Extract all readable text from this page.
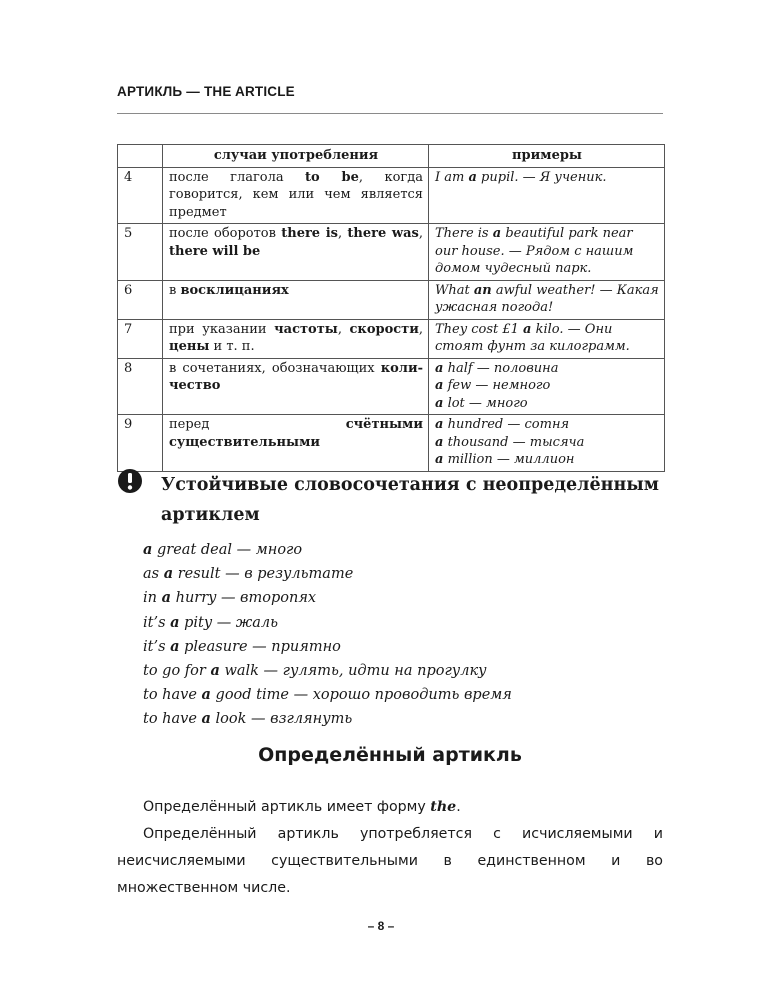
АРТИКЛЬ — THE ARTICLE
	случаи употребления	примеры
4	после глагола to be, когда говорится, кем или чем является предмет	I am a pupil. — Я ученик.

5	после оборотов there is, there was, there will be	There is a beautiful park near our house. — Рядом с нашим домом чудесный парк.

6	в восклицаниях	What an awful weather! — Какая ужасная погода!

7	при указании частоты, скорости, цены и т. п.	They cost £1 a kilo. — Они стоят фунт за килограмм.

8	в сочетаниях, обозначающих количество	a half — половина
a few — немного
a lot — много

9	перед счётными существительными	a hundred — сотня
a thousand — тысяча
a million — миллион
Устойчивые словосочетания с неопределённым артиклем
a great deal — много
as a result — в результате
in a hurry — второпях
it’s a pity — жаль
it’s a pleasure — приятно
to go for a walk — гулять, идти на прогулку
to have a good time — хорошо проводить время
to have a look — взглянуть
Определённый артикль

Определённый артикль имеет форму the.

Определённый артикль употребляется с исчисляемыми и неисчисляемыми существительными в единственном и во множественном числе.

– 8 –
